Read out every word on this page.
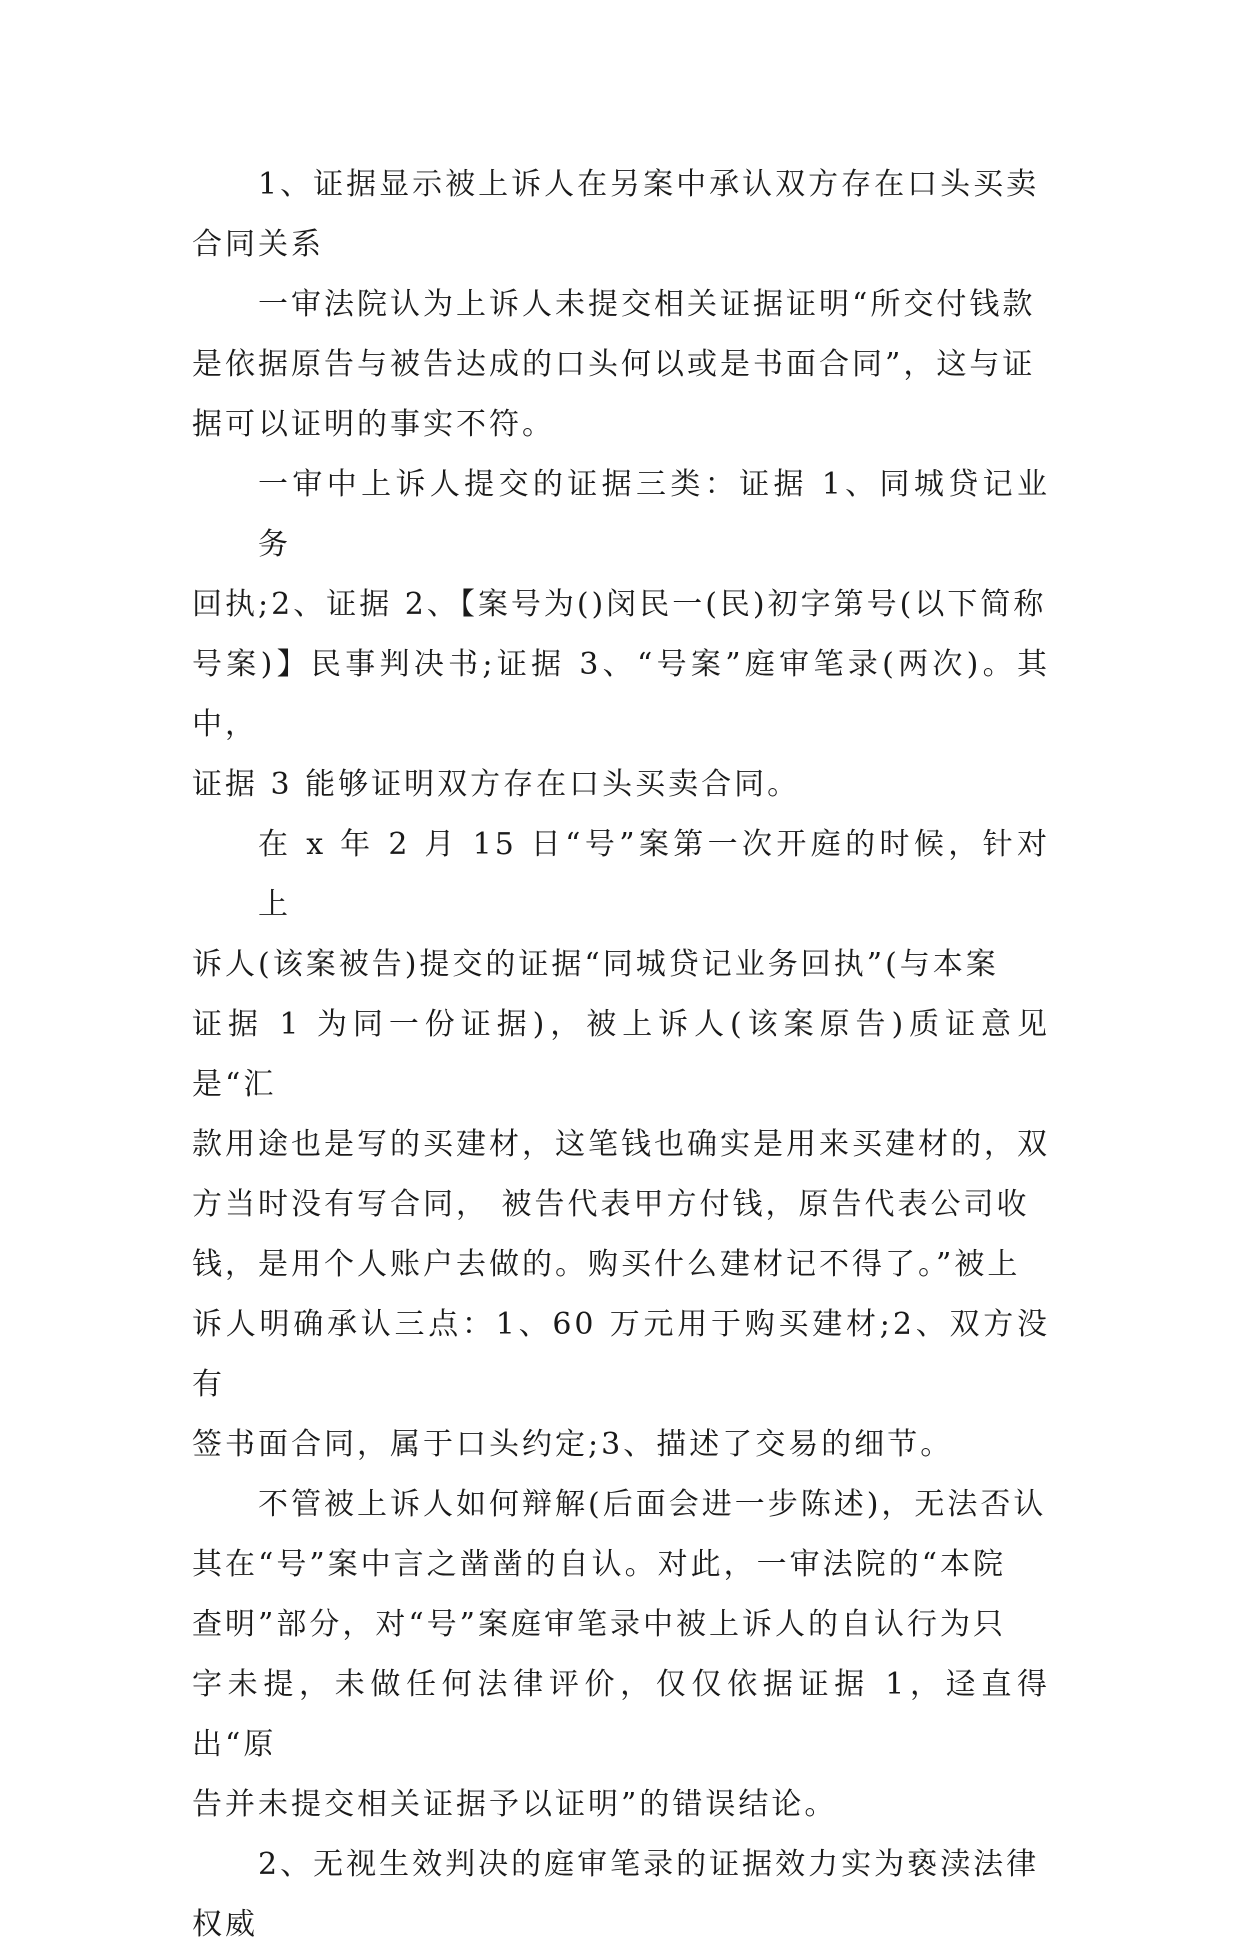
1、证据显示被上诉人在另案中承认双方存在口头买卖
合同关系
一审法院认为上诉人未提交相关证据证明“所交付钱款
是依据原告与被告达成的口头何以或是书面合同”，这与证
据可以证明的事实不符。
一审中上诉人提交的证据三类：证据 1、同城贷记业务
回执;2、证据 2、【案号为()闵民一(民)初字第号(以下简称
号案)】民事判决书;证据 3、“号案”庭审笔录(两次)。其中，
证据 3 能够证明双方存在口头买卖合同。
在 x 年 2 月 15 日“号”案第一次开庭的时候，针对上
诉人(该案被告)提交的证据“同城贷记业务回执”(与本案
证据 1 为同一份证据)，被上诉人(该案原告)质证意见是“汇
款用途也是写的买建材，这笔钱也确实是用来买建材的，双
方当时没有写合同， 被告代表甲方付钱，原告代表公司收
钱，是用个人账户去做的。购买什么建材记不得了。”被上
诉人明确承认三点：1、60 万元用于购买建材;2、双方没有
签书面合同，属于口头约定;3、描述了交易的细节。
不管被上诉人如何辩解(后面会进一步陈述)，无法否认
其在“号”案中言之凿凿的自认。对此，一审法院的“本院
查明”部分，对“号”案庭审笔录中被上诉人的自认行为只
字未提，未做任何法律评价，仅仅依据证据 1，迳直得出“原
告并未提交相关证据予以证明”的错误结论。
2、无视生效判决的庭审笔录的证据效力实为亵渎法律
权威
